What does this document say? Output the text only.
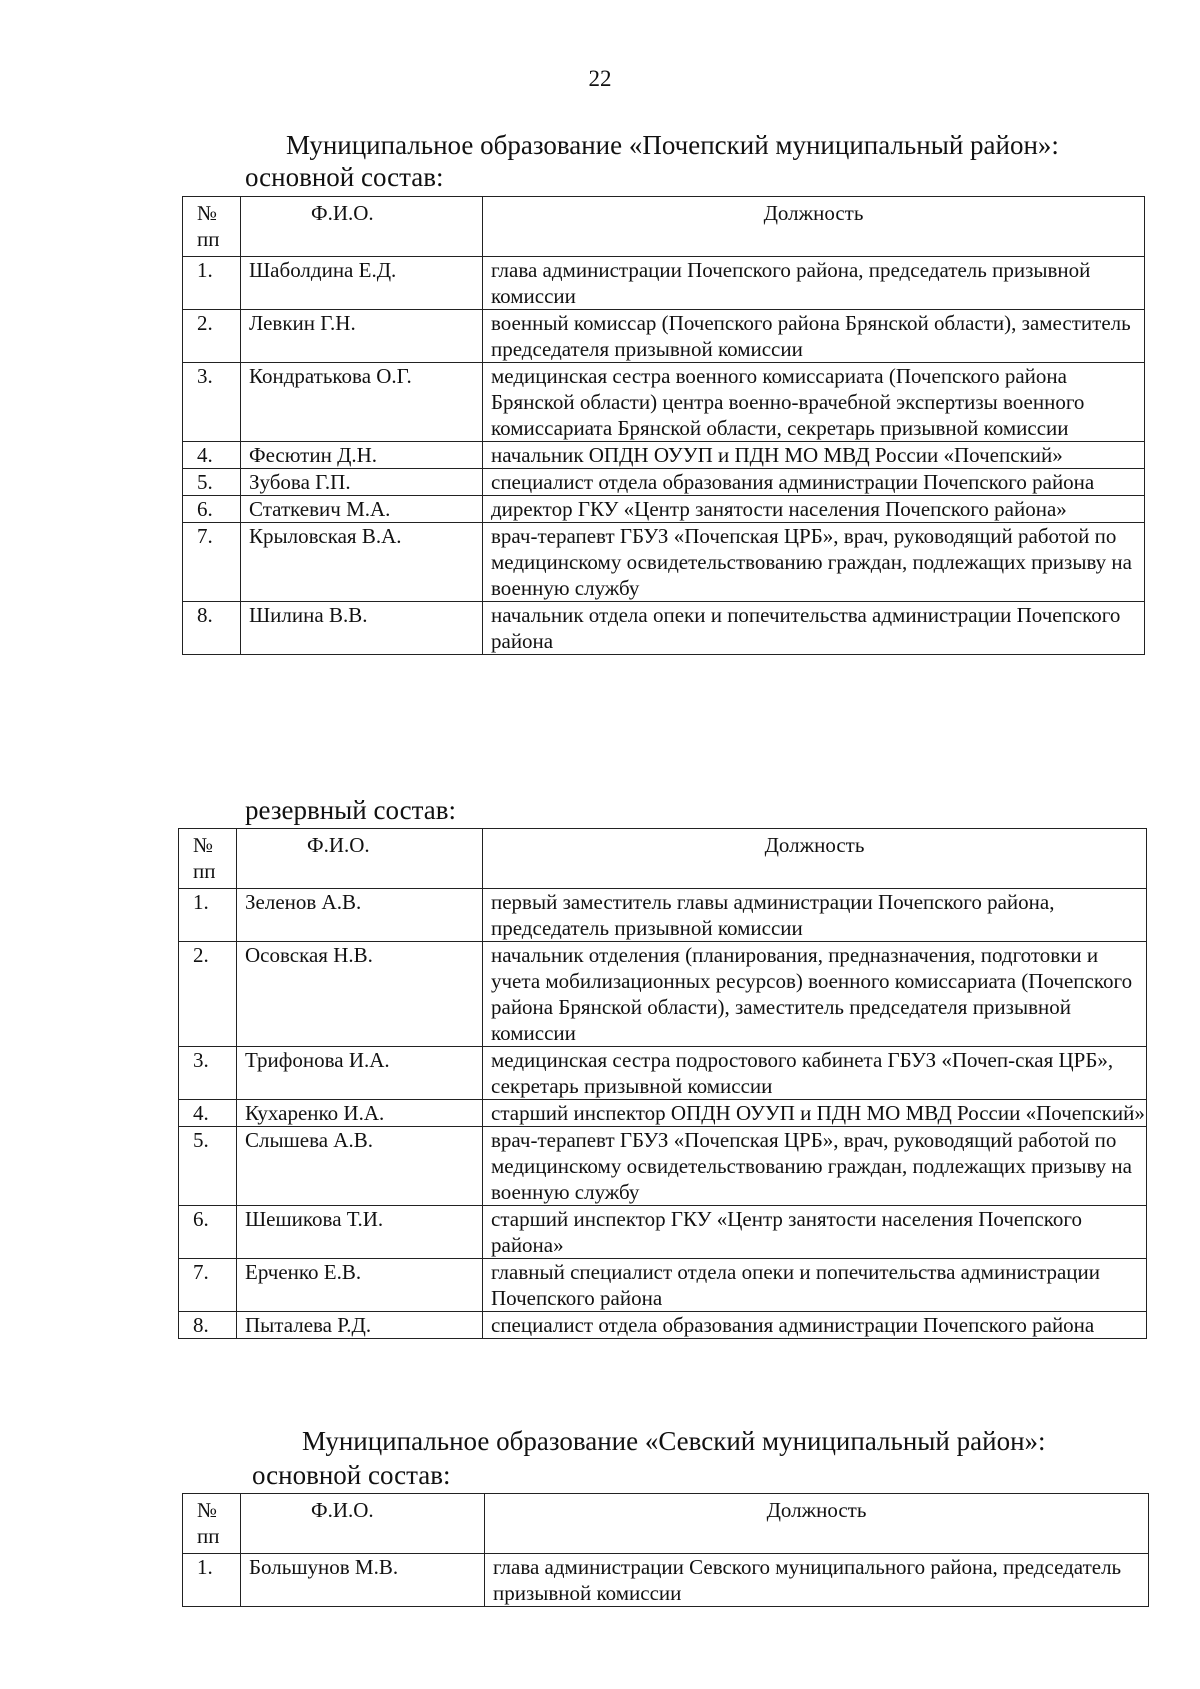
22
Муниципальное образование «Почепский муниципальный район»:
основной состав:
№ пп	Ф.И.О.	Должность
1.	Шаболдина Е.Д.	глава администрации Почепского района, председатель призывной комиссии
2.	Левкин Г.Н.	военный комиссар (Почепского района Брянской области), заместитель председателя призывной комиссии
3.	Кондратькова О.Г.	медицинская сестра военного комиссариата (Почепского района Брянской области) центра военно-врачебной экспертизы военного комиссариата Брянской области, секретарь призывной комиссии
4.	Фесютин Д.Н.	начальник ОПДН ОУУП и ПДН МО МВД России «Почепский»
5.	Зубова Г.П.	специалист отдела образования администрации Почепского района
6.	Статкевич М.А.	директор ГКУ «Центр занятости населения Почепского района»
7.	Крыловская В.А.	врач-терапевт ГБУЗ «Почепская ЦРБ», врач, руководящий работой по медицинскому освидетельствованию граждан, подлежащих призыву на военную службу
8.	Шилина В.В.	начальник отдела опеки и попечительства администрации Почепского района
резервный состав:
№ пп	Ф.И.О.	Должность
1.	Зеленов А.В.	первый заместитель главы администрации Почепского района, председатель призывной комиссии
2.	Осовская Н.В.	начальник отделения (планирования, предназначения, подготовки и учета мобилизационных ресурсов) военного комиссариата (Почепского района Брянской области), заместитель председателя призывной комиссии
3.	Трифонова И.А.	медицинская сестра подростового кабинета ГБУЗ «Почеп-ская ЦРБ», секретарь призывной комиссии
4.	Кухаренко И.А.	старший инспектор ОПДН ОУУП и ПДН МО МВД России «Почепский»
5.	Слышева А.В.	врач-терапевт ГБУЗ «Почепская ЦРБ», врач, руководящий работой по медицинскому освидетельствованию граждан, подлежащих призыву на военную службу
6.	Шешикова Т.И.	старший инспектор ГКУ «Центр занятости населения Почепского района»
7.	Ерченко Е.В.	главный специалист отдела опеки и попечительства администрации Почепского района
8.	Пыталева Р.Д.	специалист отдела образования администрации Почепского района
Муниципальное образование «Севский муниципальный район»:
основной состав:
№ пп	Ф.И.О.	Должность
1.	Большунов М.В.	глава администрации Севского муниципального района, председатель призывной комиссии
